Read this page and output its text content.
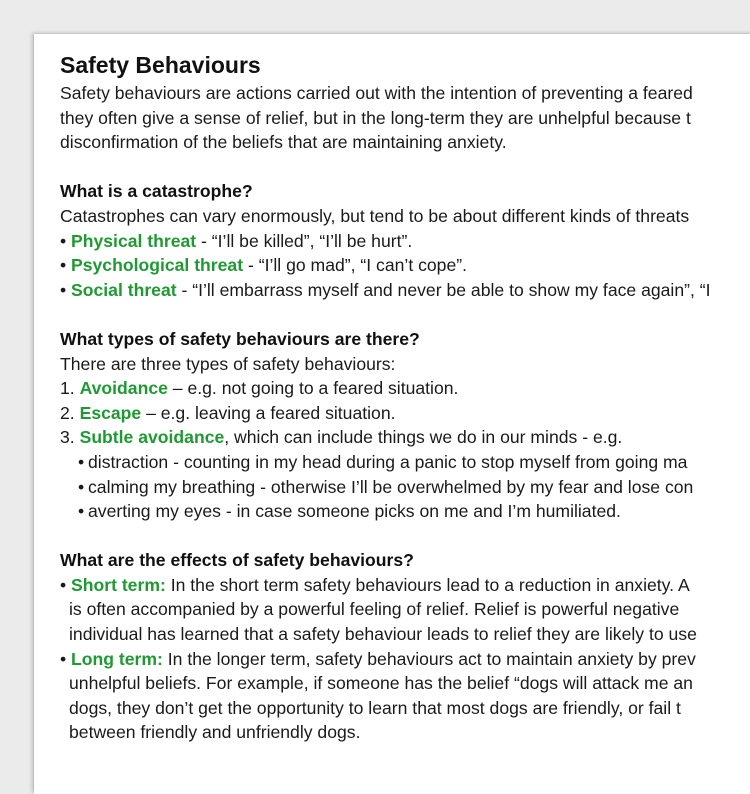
Safety Behaviours

Safety behaviours are actions carried out with the intention of preventing a feared

they often give a sense of relief, but in the long-term they are unhelpful because t

disconfirmation of the beliefs that are maintaining anxiety.

What is a catastrophe?

Catastrophes can vary enormously, but tend to be about different kinds of threats

• Physical threat - “I’ll be killed”, “I’ll be hurt”.
• Psychological threat - “I’ll go mad”, “I can’t cope”.
• Social threat - “I’ll embarrass myself and never be able to show my face again”, “I
What types of safety behaviours are there?

There are three types of safety behaviours:

1. Avoidance – e.g. not going to a feared situation.
2. Escape – e.g. leaving a feared situation.
3. Subtle avoidance, which can include things we do in our minds - e.g.
• distraction - counting in my head during a panic to stop myself from going ma
• calming my breathing - otherwise I’ll be overwhelmed by my fear and lose con
• averting my eyes - in case someone picks on me and I’m humiliated.
What are the effects of safety behaviours?
• Short term: In the short term safety behaviours lead to a reduction in anxiety. A

is often accompanied by a powerful feeling of relief. Relief is powerful negative

individual has learned that a safety behaviour leads to relief they are likely to use

• Long term: In the longer term, safety behaviours act to maintain anxiety by prev

unhelpful beliefs. For example, if someone has the belief “dogs will attack me an

dogs, they don’t get the opportunity to learn that most dogs are friendly, or fail t

between friendly and unfriendly dogs.
